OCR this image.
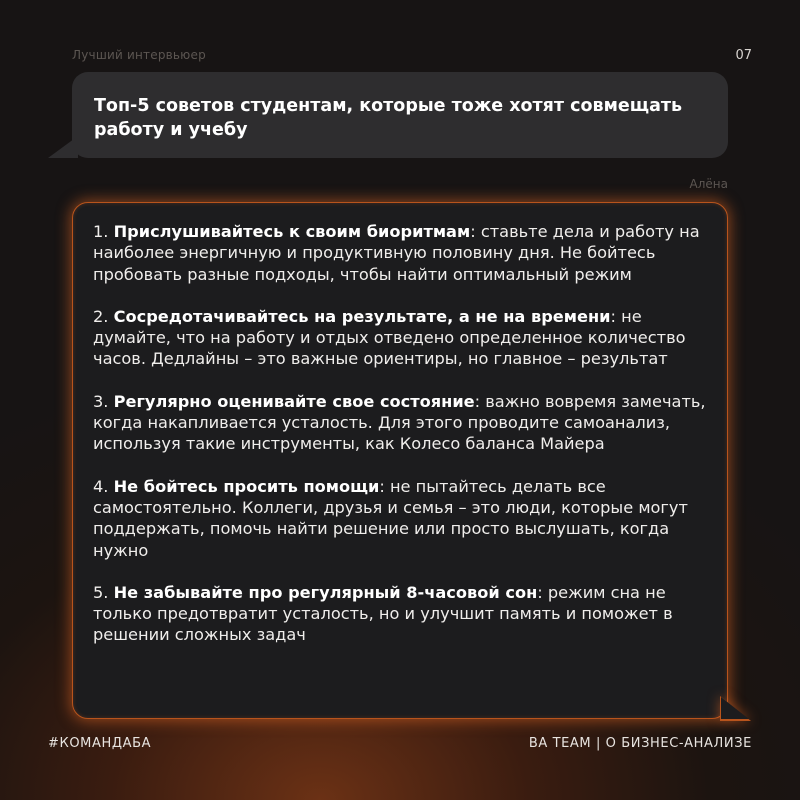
Лучший интервьюер	07

Топ-5 советов студентам, которые тоже хотят совмещать работу и учебу

Алёна

1. Прислушивайтесь к своим биоритмам: ставьте дела и работу на наиболее энергичную и продуктивную половину дня. Не бойтесь пробовать разные подходы, чтобы найти оптимальный режим

2. Сосредотачивайтесь на результате, а не на времени: не думайте, что на работу и отдых отведено определенное количество часов. Дедлайны – это важные ориентиры, но главное – результат

3. Регулярно оценивайте свое состояние: важно вовремя замечать, когда накапливается усталость. Для этого проводите самоанализ, используя такие инструменты, как Колесо баланса Майера

4. Не бойтесь просить помощи: не пытайтесь делать все самостоятельно. Коллеги, друзья и семья – это люди, которые могут поддержать, помочь найти решение или просто выслушать, когда нужно

5. Не забывайте про регулярный 8-часовой сон: режим сна не только предотвратит усталость, но и улучшит память и поможет в решении сложных задач

#КОМАНДАБА	BA TEAM | О БИЗНЕС-АНАЛИЗЕ
